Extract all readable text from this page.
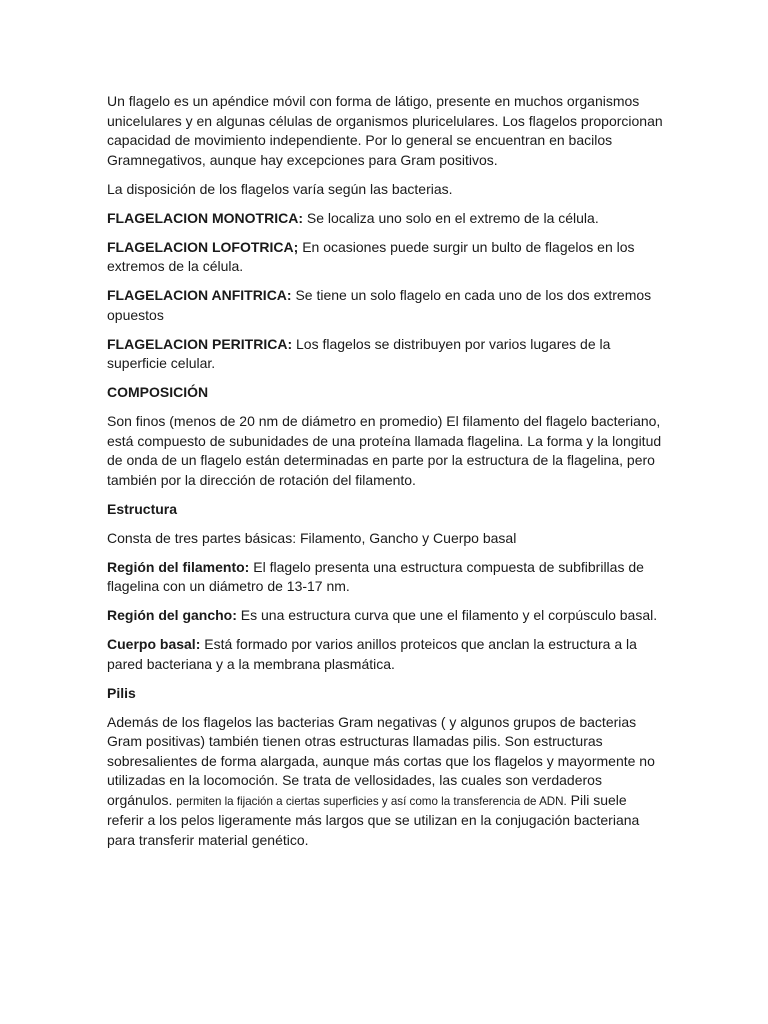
Un flagelo es un apéndice móvil con forma de látigo, presente en muchos organismos unicelulares y en algunas células de organismos pluricelulares. Los flagelos proporcionan capacidad de movimiento independiente. Por lo general se encuentran en bacilos Gramnegativos, aunque hay excepciones para Gram positivos.

La disposición de los flagelos varía según las bacterias.

FLAGELACION MONOTRICA: Se localiza uno solo en el extremo de la célula.

FLAGELACION LOFOTRICA; En ocasiones puede surgir un bulto de flagelos en los extremos de la célula.

FLAGELACION ANFITRICA: Se tiene un solo flagelo en cada uno de los dos extremos opuestos

FLAGELACION PERITRICA: Los flagelos se distribuyen por varios lugares de la superficie celular.

COMPOSICIÓN

Son finos (menos de 20 nm de diámetro en promedio) El filamento del flagelo bacteriano, está compuesto de subunidades de una proteína llamada flagelina. La forma y la longitud de onda de un flagelo están determinadas en parte por la estructura de la flagelina, pero también por la dirección de rotación del filamento.

Estructura

Consta de tres partes básicas: Filamento, Gancho y Cuerpo basal

Región del filamento: El flagelo presenta una estructura compuesta de subfibrillas de flagelina con un diámetro de 13-17 nm.

Región del gancho: Es una estructura curva que une el filamento y el corpúsculo basal.

Cuerpo basal: Está formado por varios anillos proteicos que anclan la estructura a la pared bacteriana y a la membrana plasmática.

Pilis

Además de los flagelos las bacterias Gram negativas ( y algunos grupos de bacterias Gram positivas) también tienen otras estructuras llamadas pilis. Son estructuras sobresalientes de forma alargada, aunque más cortas que los flagelos y mayormente no utilizadas en la locomoción. Se trata de vellosidades, las cuales son verdaderos orgánulos. permiten la fijación a ciertas superficies y así como la transferencia de ADN. Pili suele referir a los pelos ligeramente más largos que se utilizan en la conjugación bacteriana para transferir material genético.
